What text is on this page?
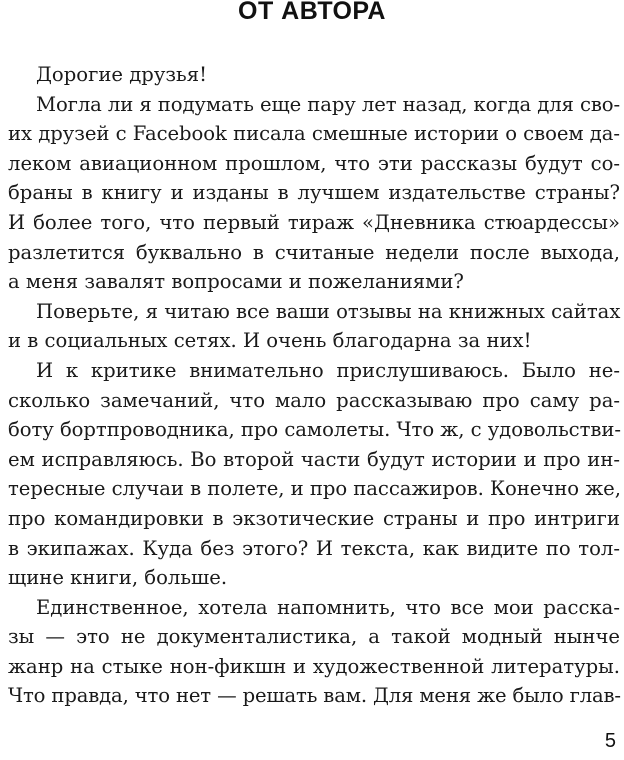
ОТ АВТОРА
Дорогие друзья!
Могла ли я подумать еще пару лет назад, когда для сво-
их друзей с Facebook писала смешные истории о своем да-
леком авиационном прошлом, что эти рассказы будут со-
браны в книгу и изданы в лучшем издательстве страны?
И более того, что первый тираж «Дневника стюардессы»
разлетится буквально в считаные недели после выхода,
а меня завалят вопросами и пожеланиями?
Поверьте, я читаю все ваши отзывы на книжных сайтах
и в социальных сетях. И очень благодарна за них!
И к критике внимательно прислушиваюсь. Было не-
сколько замечаний, что мало рассказываю про саму ра-
боту бортпроводника, про самолеты. Что ж, с удовольстви-
ем исправляюсь. Во второй части будут истории и про ин-
тересные случаи в полете, и про пассажиров. Конечно же,
про командировки в экзотические страны и про интриги
в экипажах. Куда без этого? И текста, как видите по тол-
щине книги, больше.
Единственное, хотела напомнить, что все мои расска-
зы — это не документалистика, а такой модный нынче
жанр на стыке нон-фикшн и художественной литературы.
Что правда, что нет — решать вам. Для меня же было глав-
5
